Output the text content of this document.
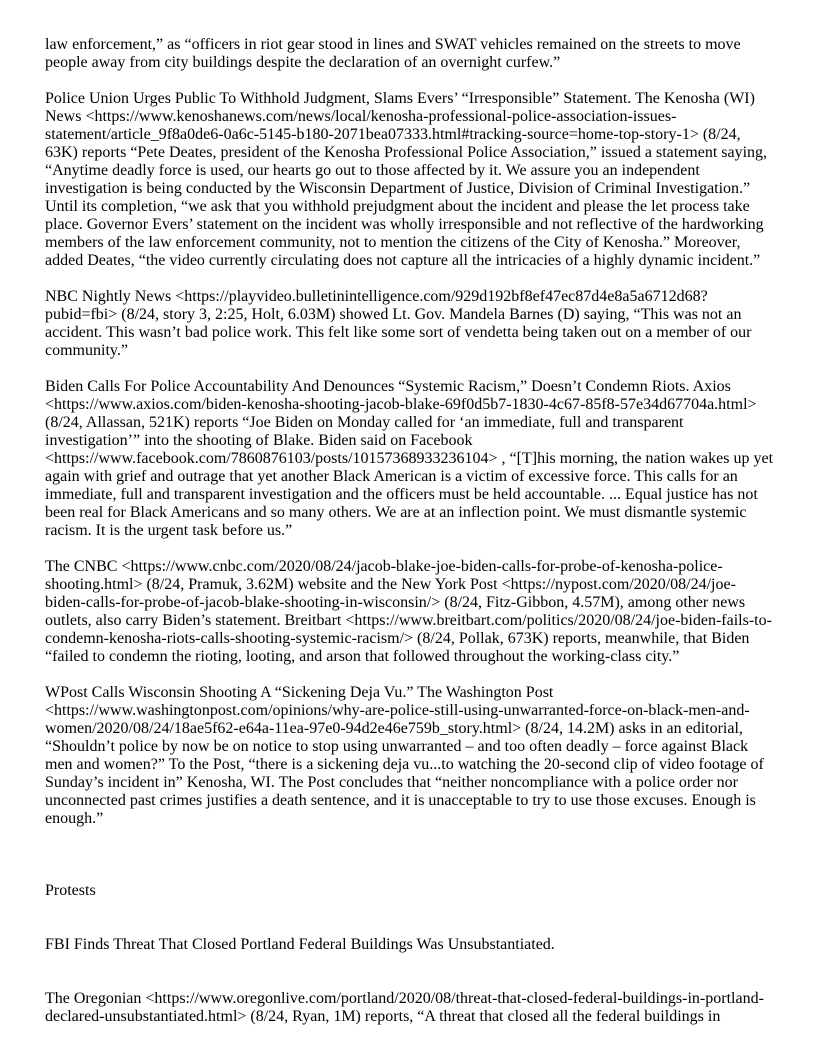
law enforcement,” as “officers in riot gear stood in lines and SWAT vehicles remained on the streets to move people away from city buildings despite the declaration of an overnight curfew.”

Police Union Urges Public To Withhold Judgment, Slams Evers’ “Irresponsible” Statement. The Kenosha (WI) News <https://www.kenoshanews.com/news/local/kenosha-professional-police-association-issues-statement/article_9f8a0de6-0a6c-5145-b180-2071bea07333.html#tracking-source=home-top-story-1> (8/24, 63K) reports “Pete Deates, president of the Kenosha Professional Police Association,” issued a statement saying, “Anytime deadly force is used, our hearts go out to those affected by it. We assure you an independent investigation is being conducted by the Wisconsin Department of Justice, Division of Criminal Investigation.” Until its completion, “we ask that you withhold prejudgment about the incident and please the let process take place. Governor Evers’ statement on the incident was wholly irresponsible and not reflective of the hardworking members of the law enforcement community, not to mention the citizens of the City of Kenosha.” Moreover, added Deates, “the video currently circulating does not capture all the intricacies of a highly dynamic incident.”

NBC Nightly News <https://playvideo.bulletinintelligence.com/929d192bf8ef47ec87d4e8a5a6712d68?pubid=fbi> (8/24, story 3, 2:25, Holt, 6.03M) showed Lt. Gov. Mandela Barnes (D) saying, “This was not an accident. This wasn’t bad police work. This felt like some sort of vendetta being taken out on a member of our community.”

Biden Calls For Police Accountability And Denounces “Systemic Racism,” Doesn’t Condemn Riots. Axios <https://www.axios.com/biden-kenosha-shooting-jacob-blake-69f0d5b7-1830-4c67-85f8-57e34d67704a.html> (8/24, Allassan, 521K) reports “Joe Biden on Monday called for ‘an immediate, full and transparent investigation’” into the shooting of Blake. Biden said on Facebook <https://www.facebook.com/7860876103/posts/10157368933236104> , “[T]his morning, the nation wakes up yet again with grief and outrage that yet another Black American is a victim of excessive force. This calls for an immediate, full and transparent investigation and the officers must be held accountable. ... Equal justice has not been real for Black Americans and so many others. We are at an inflection point. We must dismantle systemic racism. It is the urgent task before us.”

The CNBC <https://www.cnbc.com/2020/08/24/jacob-blake-joe-biden-calls-for-probe-of-kenosha-police-shooting.html> (8/24, Pramuk, 3.62M) website and the New York Post <https://nypost.com/2020/08/24/joe-biden-calls-for-probe-of-jacob-blake-shooting-in-wisconsin/> (8/24, Fitz-Gibbon, 4.57M), among other news outlets, also carry Biden’s statement. Breitbart <https://www.breitbart.com/politics/2020/08/24/joe-biden-fails-to-condemn-kenosha-riots-calls-shooting-systemic-racism/> (8/24, Pollak, 673K) reports, meanwhile, that Biden “failed to condemn the rioting, looting, and arson that followed throughout the working-class city.”

WPost Calls Wisconsin Shooting A “Sickening Deja Vu.” The Washington Post <https://www.washingtonpost.com/opinions/why-are-police-still-using-unwarranted-force-on-black-men-and-women/2020/08/24/18ae5f62-e64a-11ea-97e0-94d2e46e759b_story.html> (8/24, 14.2M) asks in an editorial, “Shouldn’t police by now be on notice to stop using unwarranted – and too often deadly – force against Black men and women?” To the Post, “there is a sickening deja vu...to watching the 20-second clip of video footage of Sunday’s incident in” Kenosha, WI. The Post concludes that “neither noncompliance with a police order nor unconnected past crimes justifies a death sentence, and it is unacceptable to try to use those excuses. Enough is enough.”

Protests

FBI Finds Threat That Closed Portland Federal Buildings Was Unsubstantiated.

The Oregonian <https://www.oregonlive.com/portland/2020/08/threat-that-closed-federal-buildings-in-portland-declared-unsubstantiated.html> (8/24, Ryan, 1M) reports, “A threat that closed all the federal buildings in
